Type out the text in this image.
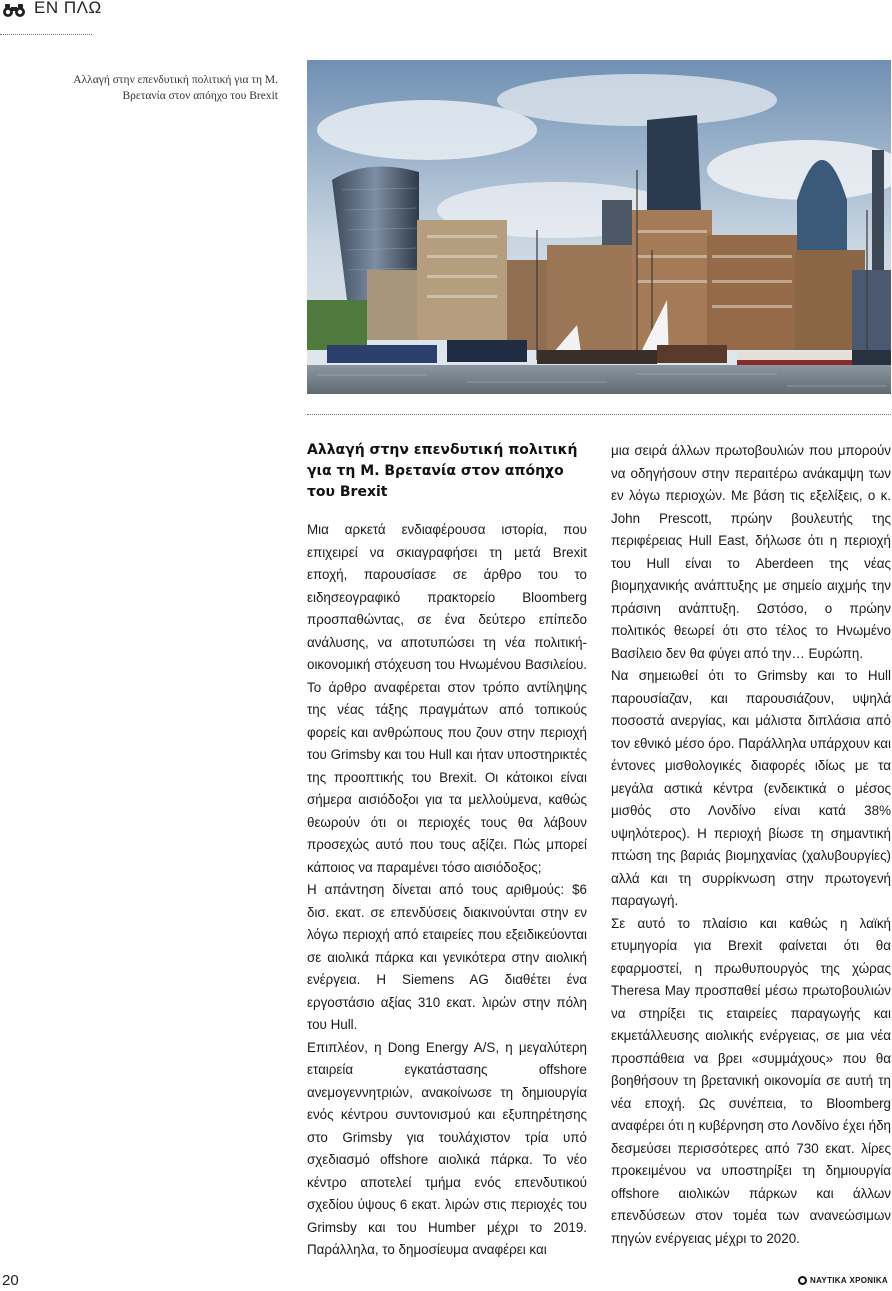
ΕΝ ΠΛΩ
Αλλαγή στην επενδυτική πολιτική για τη Μ. Βρετανία στον απόηχο του Brexit
Αλλαγή στην επενδυτική πολιτική για τη Μ. Βρετανία στον απόηχο του Brexit

Μια αρκετά ενδιαφέρουσα ιστορία, που επιχειρεί να σκιαγραφήσει τη μετά Brexit εποχή, παρουσίασε σε άρθρο του το ειδησεογραφικό πρακτορείο Bloomberg προσπαθώντας, σε ένα δεύτερο επίπεδο ανάλυσης, να αποτυπώσει τη νέα πολιτική-οικονομική στόχευση του Ηνωμένου Βασιλείου. Το άρθρο αναφέρεται στον τρόπο αντίληψης της νέας τάξης πραγμάτων από τοπικούς φορείς και ανθρώπους που ζουν στην περιοχή του Grimsby και του Hull και ήταν υποστηρικτές της προοπτικής του Brexit. Οι κάτοικοι είναι σήμερα αισιόδοξοι για τα μελλούμενα, καθώς θεωρούν ότι οι περιοχές τους θα λάβουν προσεχώς αυτό που τους αξίζει. Πώς μπορεί κάποιος να παραμένει τόσο αισιόδοξος;

Η απάντηση δίνεται από τους αριθμούς: $6 δισ. εκατ. σε επενδύσεις διακινούνται στην εν λόγω περιοχή από εταιρείες που εξειδικεύονται σε αιολικά πάρκα και γενικότερα στην αιολική ενέργεια. Η Siemens AG διαθέτει ένα εργοστάσιο αξίας 310 εκατ. λιρών στην πόλη του Hull.

Επιπλέον, η Dong Energy A/S, η μεγαλύτερη εταιρεία εγκατάστασης offshore ανεμογεννητριών, ανακοίνωσε τη δημιουργία ενός κέντρου συντονισμού και εξυπηρέτησης στο Grimsby για τουλάχιστον τρία υπό σχεδιασμό offshore αιολικά πάρκα. Το νέο κέντρο αποτελεί τμήμα ενός επενδυτικού σχεδίου ύψους 6 εκατ. λιρών στις περιοχές του Grimsby και του Humber μέχρι το 2019. Παράλληλα, το δημοσίευμα αναφέρει και

μια σειρά άλλων πρωτοβουλιών που μπορούν να οδηγήσουν στην περαιτέρω ανάκαμψη των εν λόγω περιοχών. Με βάση τις εξελίξεις, ο κ. John Prescott, πρώην βουλευτής της περιφέρειας Hull East, δήλωσε ότι η περιοχή του Hull είναι το Aberdeen της νέας βιομηχανικής ανάπτυξης με σημείο αιχμής την πράσινη ανάπτυξη. Ωστόσο, ο πρώην πολιτικός θεωρεί ότι στο τέλος το Ηνωμένο Βασίλειο δεν θα φύγει από την… Ευρώπη.

Να σημειωθεί ότι το Grimsby και το Hull παρουσίαζαν, και παρουσιάζουν, υψηλά ποσοστά ανεργίας, και μάλιστα διπλάσια από τον εθνικό μέσο όρο. Παράλληλα υπάρχουν και έντονες μισθολογικές διαφορές ιδίως με τα μεγάλα αστικά κέντρα (ενδεικτικά ο μέσος μισθός στο Λονδίνο είναι κατά 38% υψηλότερος). Η περιοχή βίωσε τη σημαντική πτώση της βαριάς βιομηχανίας (χαλυβουργίες) αλλά και τη συρρίκνωση στην πρωτογενή παραγωγή.

Σε αυτό το πλαίσιο και καθώς η λαϊκή ετυμηγορία για Brexit φαίνεται ότι θα εφαρμοστεί, η πρωθυπουργός της χώρας Theresa May προσπαθεί μέσω πρωτοβουλιών να στηρίξει τις εταιρείες παραγωγής και εκμετάλλευσης αιολικής ενέργειας, σε μια νέα προσπάθεια να βρει «συμμάχους» που θα βοηθήσουν τη βρετανική οικονομία σε αυτή τη νέα εποχή. Ως συνέπεια, το Bloomberg αναφέρει ότι η κυβέρνηση στο Λονδίνο έχει ήδη δεσμεύσει περισσότερες από 730 εκατ. λίρες προκειμένου να υποστηρίξει τη δημιουργία offshore αιολικών πάρκων και άλλων επενδύσεων στον τομέα των ανανεώσιμων πηγών ενέργειας μέχρι το 2020.

20	ΝΑΥΤΙΚΑ ΧΡΟΝΙΚΑ
